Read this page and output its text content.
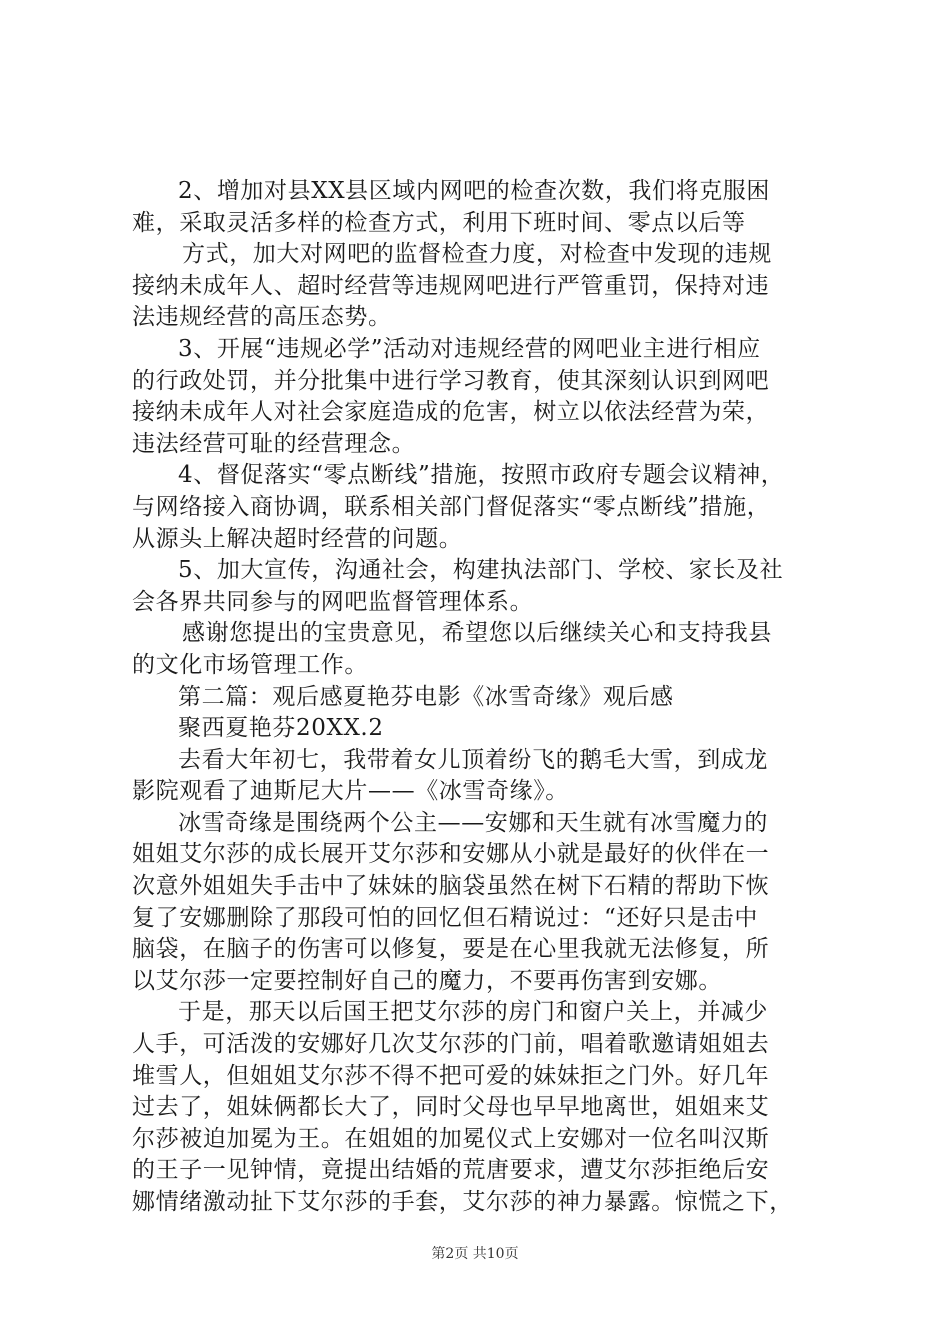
2、增加对县XX县区域内网吧的检查次数，我们将克服困
难，采取灵活多样的检查方式，利用下班时间、零点以后等
方式，加大对网吧的监督检查力度，对检查中发现的违规
接纳未成年人、超时经营等违规网吧进行严管重罚，保持对违
法违规经营的高压态势。
3、开展“违规必学”活动对违规经营的网吧业主进行相应
的行政处罚，并分批集中进行学习教育，使其深刻认识到网吧
接纳未成年人对社会家庭造成的危害，树立以依法经营为荣，
违法经营可耻的经营理念。
4、督促落实“零点断线”措施，按照市政府专题会议精神，
与网络接入商协调，联系相关部门督促落实“零点断线”措施，
从源头上解决超时经营的问题。
5、加大宣传，沟通社会，构建执法部门、学校、家长及社
会各界共同参与的网吧监督管理体系。
感谢您提出的宝贵意见，希望您以后继续关心和支持我县
的文化市场管理工作。
第二篇：观后感夏艳芬电影《冰雪奇缘》观后感
聚西夏艳芬20XX.2
去看大年初七，我带着女儿顶着纷飞的鹅毛大雪，到成龙
影院观看了迪斯尼大片——《冰雪奇缘》。
冰雪奇缘是围绕两个公主——安娜和天生就有冰雪魔力的
姐姐艾尔莎的成长展开艾尔莎和安娜从小就是最好的伙伴在一
次意外姐姐失手击中了妹妹的脑袋虽然在树下石精的帮助下恢
复了安娜删除了那段可怕的回忆但石精说过：“还好只是击中
脑袋，在脑子的伤害可以修复，要是在心里我就无法修复，所
以艾尔莎一定要控制好自己的魔力，不要再伤害到安娜。
于是，那天以后国王把艾尔莎的房门和窗户关上，并减少
人手，可活泼的安娜好几次艾尔莎的门前，唱着歌邀请姐姐去
堆雪人，但姐姐艾尔莎不得不把可爱的妹妹拒之门外。好几年
过去了，姐妹俩都长大了，同时父母也早早地离世，姐姐来艾
尔莎被迫加冕为王。在姐姐的加冕仪式上安娜对一位名叫汉斯
的王子一见钟情，竟提出结婚的荒唐要求，遭艾尔莎拒绝后安
娜情绪激动扯下艾尔莎的手套，艾尔莎的神力暴露。惊慌之下，
第2页 共10页
